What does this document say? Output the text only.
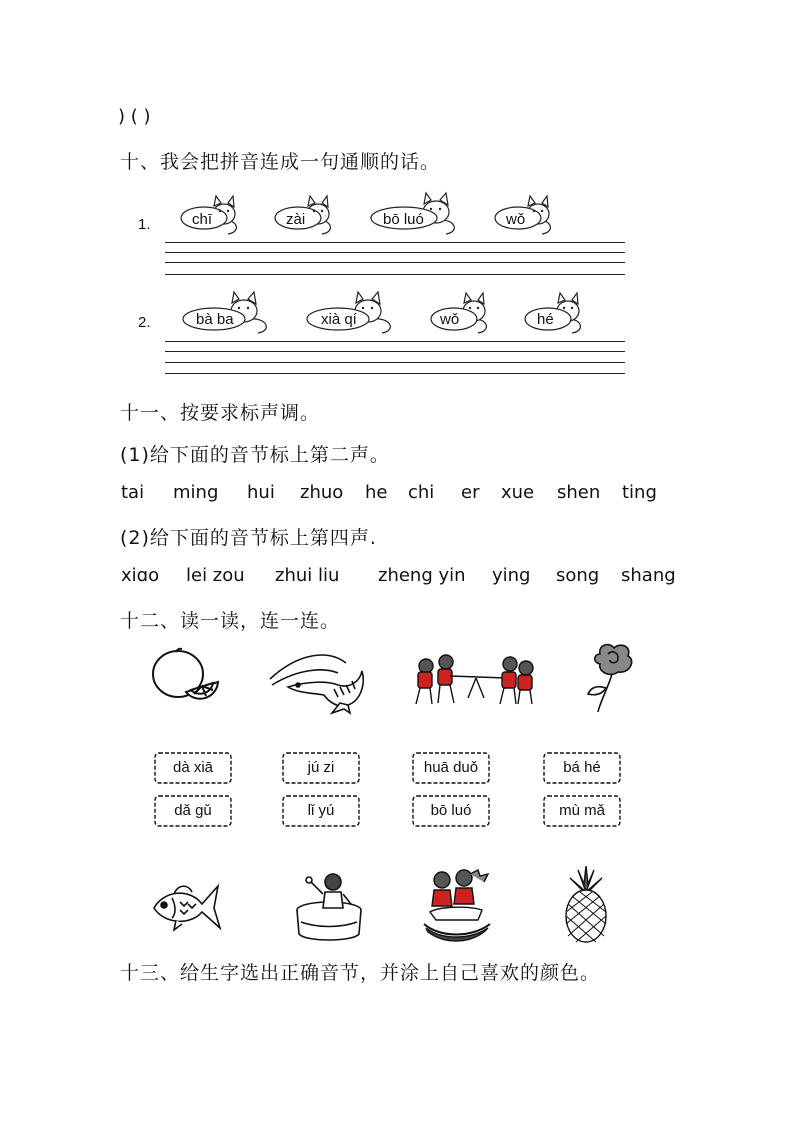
) ( )
十、我会把拼音连成一句通顺的话。
1.	chī	zài	bō luó	wǒ
2.	bà ba	xià qí	wǒ	hé
十一、按要求标声调。
(1)给下面的音节标上第二声。
tai ming hui zhuo he chi er xue shen ting
(2)给下面的音节标上第四声.
xiɑo lei zou zhui liu zheng yin ying song shang
十二、读一读，连一连。
dà xiā	jú zi	huā duǒ	bá hé
dǎ gǔ	lǐ yú	bō luó	mù mǎ
十三、给生字选出正确音节，并涂上自己喜欢的颜色。
